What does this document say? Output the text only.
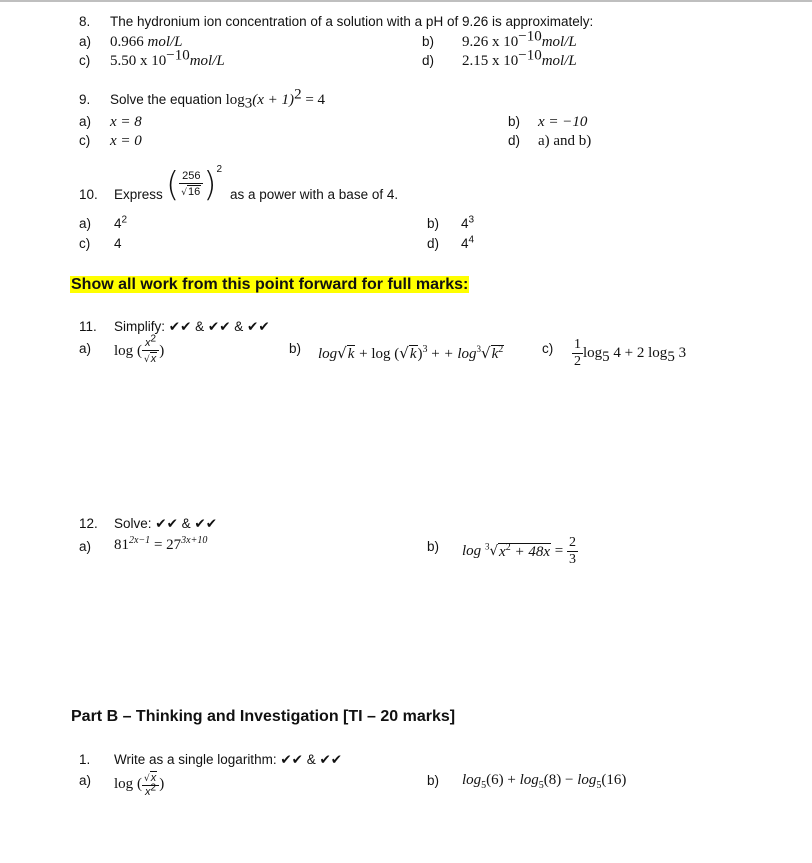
8. The hydronium ion concentration of a solution with a pH of 9.26 is approximately:
a) 0.966 mol/L	b) 9.26 x $10^{-10}mol/L$
c) 5.50 x $10^{-10}mol/L$	d) 2.15 x $10^{-10}mol/L$
9. Solve the equation $\log_3(x + 1)^2 = 4$
a) x = 8	b) x = −10
c) x = 0	d) a) and b)
10. Express ( $\frac{256}{√16} )^2$
as a power with a base of 4.
a) $4^2$	b) $4^3$
c) 4	d) $4^4$
Show all work from this point forward for full marks:
11. Simplify: ✔✔ & ✔✔ & ✔✔
a) log ( $\frac{x^2}{√x}$ )	b) $\log√k + \log (√k)^3$ + + $\log^3√k^2$	$c) \frac{1}{2} \log_5 4 + 2$ $\log_5 3$
12. Solve: ✔✔ & ✔✔
a) $81^{2x-1} = 27^{3x+10}$	b) $\log ^3√x^2 + 48x = \frac{2}{3}$
Part B – Thinking and Investigation [TI – 20 marks]
1. Write as a single logarithm: ✔✔ & ✔✔
a) log ( $\frac{√x}{x^2}$ )	b) $\log_5(6) + \log_5(8) - \log_5(16)$
